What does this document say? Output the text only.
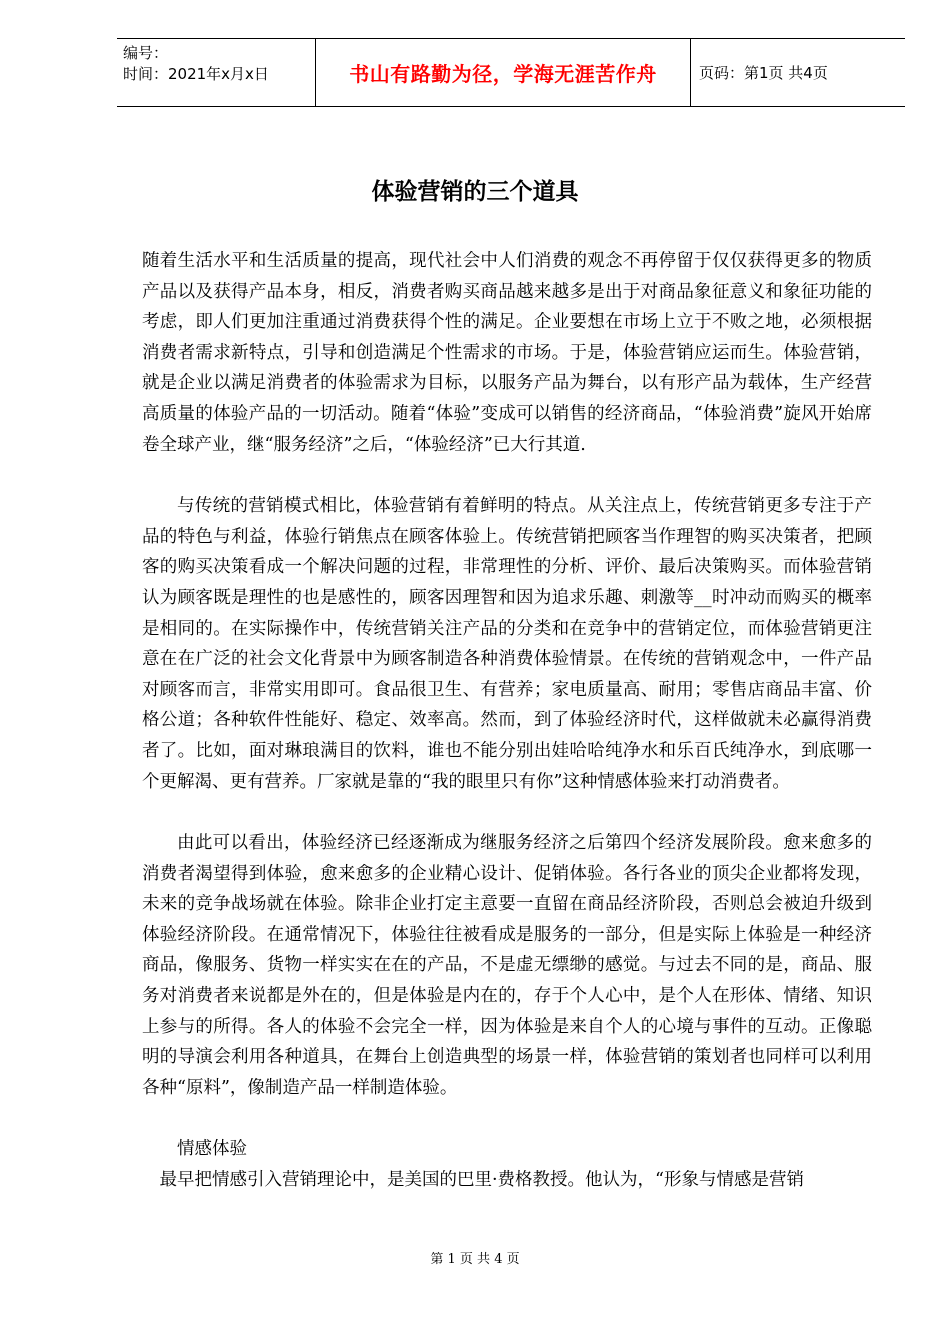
编号：
时间：2021年x月x日	书山有路勤为径，学海无涯苦作舟	页码：第1页 共4页
体验营销的三个道具

随着生活水平和生活质量的提高，现代社会中人们消费的观念不再停留于仅仅获得更多的物质产品以及获得产品本身，相反，消费者购买商品越来越多是出于对商品象征意义和象征功能的考虑，即人们更加注重通过消费获得个性的满足。企业要想在市场上立于不败之地，必须根据消费者需求新特点，引导和创造满足个性需求的市场。于是，体验营销应运而生。体验营销，就是企业以满足消费者的体验需求为目标，以服务产品为舞台，以有形产品为载体，生产经营高质量的体验产品的一切活动。随着“体验”变成可以销售的经济商品，“体验消费”旋风开始席卷全球产业，继“服务经济”之后，“体验经济”已大行其道.

与传统的营销模式相比，体验营销有着鲜明的特点。从关注点上，传统营销更多专注于产品的特色与利益，体验行销焦点在顾客体验上。传统营销把顾客当作理智的购买决策者，把顾客的购买决策看成一个解决问题的过程，非常理性的分析、评价、最后决策购买。而体验营销认为顾客既是理性的也是感性的，顾客因理智和因为追求乐趣、刺激等__时冲动而购买的概率是相同的。在实际操作中，传统营销关注产品的分类和在竞争中的营销定位，而体验营销更注意在在广泛的社会文化背景中为顾客制造各种消费体验情景。在传统的营销观念中，一件产品对顾客而言，非常实用即可。食品很卫生、有营养；家电质量高、耐用；零售店商品丰富、价格公道；各种软件性能好、稳定、效率高。然而，到了体验经济时代，这样做就未必赢得消费者了。比如，面对琳琅满目的饮料，谁也不能分别出娃哈哈纯净水和乐百氏纯净水，到底哪一个更解渴、更有营养。厂家就是靠的“我的眼里只有你”这种情感体验来打动消费者。

由此可以看出，体验经济已经逐渐成为继服务经济之后第四个经济发展阶段。愈来愈多的消费者渴望得到体验，愈来愈多的企业精心设计、促销体验。各行各业的顶尖企业都将发现，未来的竞争战场就在体验。除非企业打定主意要一直留在商品经济阶段，否则总会被迫升级到体验经济阶段。在通常情况下，体验往往被看成是服务的一部分，但是实际上体验是一种经济商品，像服务、货物一样实实在在的产品，不是虚无缥缈的感觉。与过去不同的是，商品、服务对消费者来说都是外在的，但是体验是内在的，存于个人心中，是个人在形体、情绪、知识上参与的所得。各人的体验不会完全一样，因为体验是来自个人的心境与事件的互动。正像聪明的导演会利用各种道具，在舞台上创造典型的场景一样，体验营销的策划者也同样可以利用各种“原料”，像制造产品一样制造体验。

情感体验

最早把情感引入营销理论中，是美国的巴里·费格教授。他认为，“形象与情感是营销

第 1 页 共 4 页
